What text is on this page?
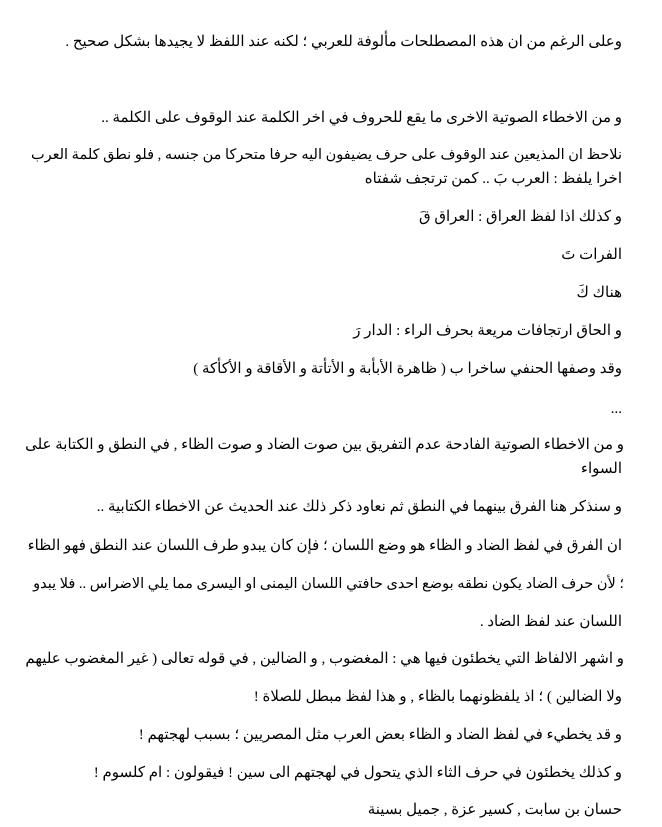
وعلى الرغم من ان هذه المصطلحات مألوفة للعربي ؛ لكنه عند اللفظ لا يجيدها بشكل صحيح .
و من الاخطاء الصوتية الاخرى ما يقع للحروف في اخر الكلمة عند الوقوف على الكلمة ..
نلاحظ ان المذيعين عند الوقوف على حرف يضيفون اليه حرفا متحركا من جنسه , فلو نطق كلمة العرب
اخرا يلفظ : العرب بَ .. كمن ترتجف شفتاه
و كذلك اذا لفظ العراق : العراق قَ
الفرات تَ
هناك كَ
و الحاق ارتجافات مريعة بحرف الراء : الدار رَ
وقد وصفها الحنفي ساخرا ب ( ظاهرة الأبأبة و الأتأتة و الأقاقة و الأكأكة )
...
و من الاخطاء الصوتية الفادحة عدم التفريق بين صوت الضاد و صوت الظاء , في النطق و الكتابة على
السواء
و سنذكر هنا الفرق بينهما في النطق ثم نعاود ذكر ذلك عند الحديث عن الاخطاء الكتابية ..
ان الفرق في لفظ الضاد و الظاء هو وضع اللسان ؛ فإن كان يبدو طرف اللسان عند النطق فهو الظاء
؛ لأن حرف الضاد يكون نطقه بوضع احدى حافتي اللسان اليمنى او اليسرى مما يلي الاضراس .. فلا يبدو
اللسان عند لفظ الضاد .
و اشهر الالفاظ التي يخطئون فيها هي : المغضوب , و الضالين , في قوله تعالى ( غير المغضوب عليهم
ولا الضالين ) ؛ اذ يلفظونهما بالظاء , و هذا لفظ مبطل للصلاة !
و قد يخطيء في لفظ الضاد و الظاء بعض العرب مثل المصريين ؛ بسبب لهجتهم !
و كذلك يخطئون في حرف الثاء الذي يتحول في لهجتهم الى سين ! فيقولون : ام كلسوم !
حسان بن سابت , كسير عزة , جميل بسينة
